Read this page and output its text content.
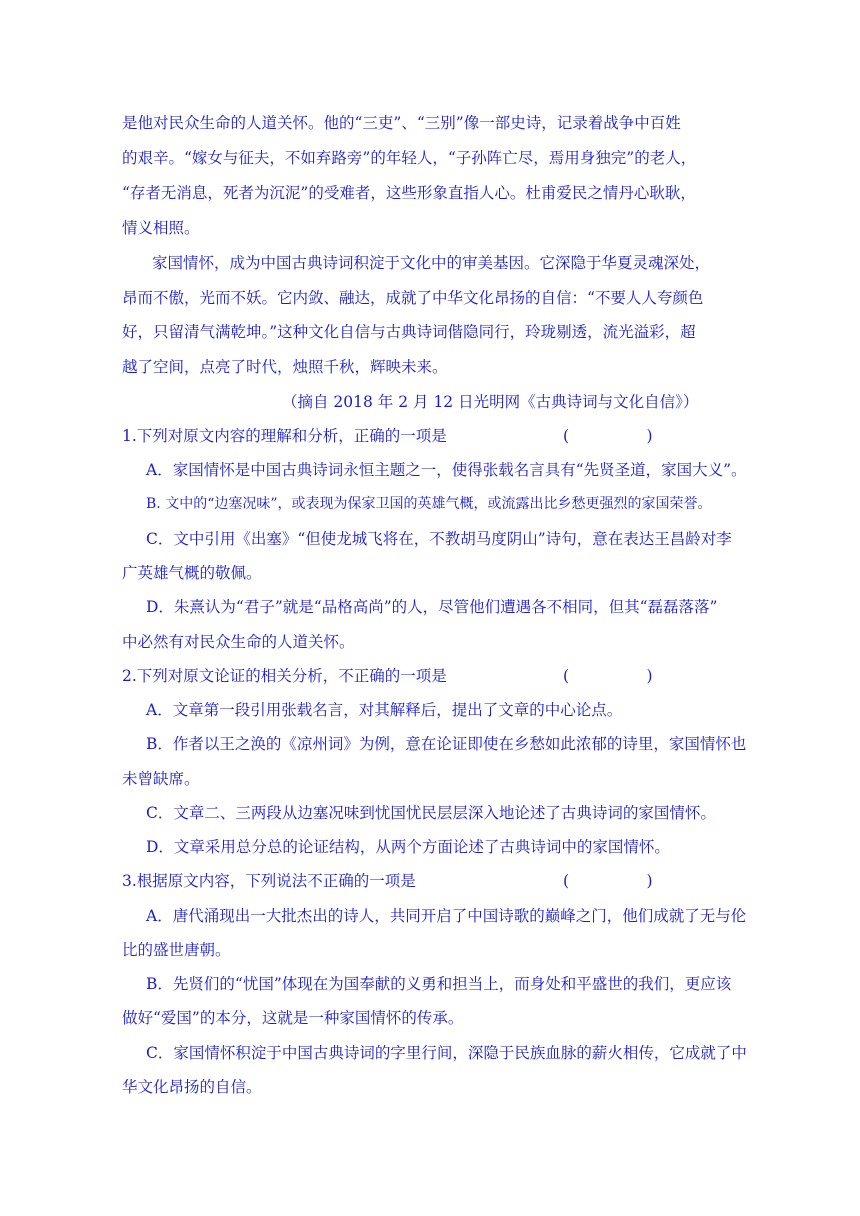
是他对民众生命的人道关怀。他的“三吏”、“三别”像一部史诗，记录着战争中百姓
的艰辛。“嫁女与征夫，不如弃路旁”的年轻人，“子孙阵亡尽，焉用身独完”的老人，
“存者无消息，死者为沉泥”的受难者，这些形象直指人心。杜甫爱民之情丹心耿耿，
情义相照。
家国情怀，成为中国古典诗词积淀于文化中的审美基因。它深隐于华夏灵魂深处，
昂而不傲，光而不妖。它内敛、融达，成就了中华文化昂扬的自信：“不要人人夸颜色
好，只留清气满乾坤。”这种文化自信与古典诗词偕隐同行，玲珑剔透，流光溢彩，超
越了空间，点亮了时代，烛照千秋，辉映未来。
（摘自 2018 年 2 月 12 日光明网《古典诗词与文化自信》）
1.下列对原文内容的理解和分析，正确的一项是	(　　　　　)
A．家国情怀是中国古典诗词永恒主题之一，使得张载名言具有“先贤圣道，家国大义”。
B. 文中的“边塞况味”，或表现为保家卫国的英雄气概，或流露出比乡愁更强烈的家国荣誉。
C．文中引用《出塞》“但使龙城飞将在，不教胡马度阴山”诗句，意在表达王昌龄对李
广英雄气概的敬佩。
D．朱熹认为“君子”就是“品格高尚”的人，尽管他们遭遇各不相同，但其“磊磊落落”
中必然有对民众生命的人道关怀。
2.下列对原文论证的相关分析，不正确的一项是	(　　　　　)
A．文章第一段引用张载名言，对其解释后，提出了文章的中心论点。
B．作者以王之涣的《凉州词》为例，意在论证即使在乡愁如此浓郁的诗里，家国情怀也
未曾缺席。
C．文章二、三两段从边塞况味到忧国忧民层层深入地论述了古典诗词的家国情怀。
D．文章采用总分总的论证结构，从两个方面论述了古典诗词中的家国情怀。
3.根据原文内容，下列说法不正确的一项是	(　　　　　)
A．唐代涌现出一大批杰出的诗人，共同开启了中国诗歌的巅峰之门，他们成就了无与伦
比的盛世唐朝。
B．先贤们的“忧国”体现在为国奉献的义勇和担当上，而身处和平盛世的我们，更应该
做好“爱国”的本分，这就是一种家国情怀的传承。
C．家国情怀积淀于中国古典诗词的字里行间，深隐于民族血脉的薪火相传，它成就了中
华文化昂扬的自信。
